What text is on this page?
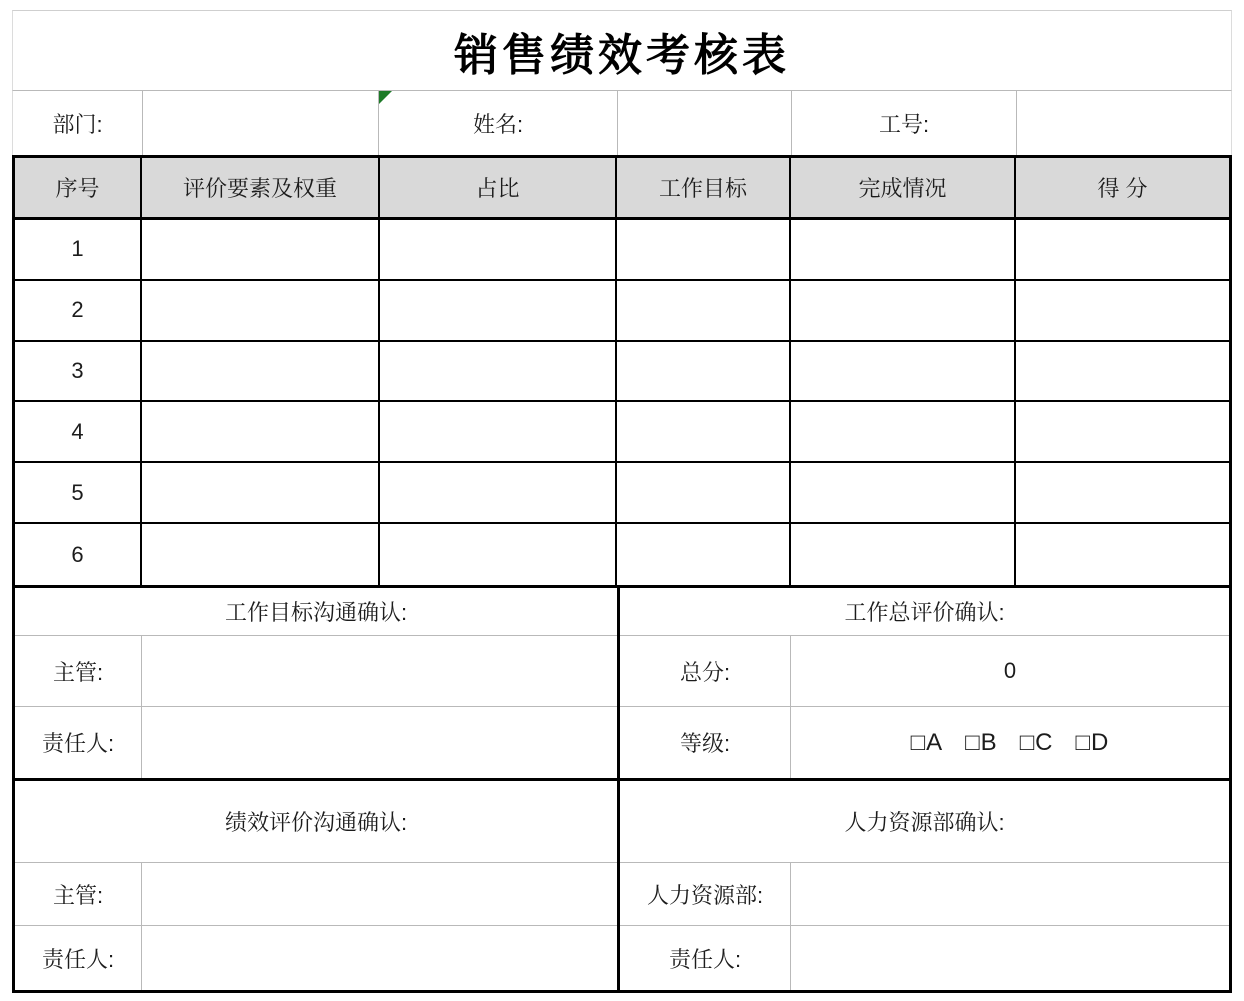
销售绩效考核表
部门:	姓名:	工号:
序号	评价要素及权重	占比	工作目标	完成情况	得 分
1
2
3
4
5
6
工作目标沟通确认:
主管:
责任人:
工作总评价确认:
总分:	0
等级:	□A □B □C □D
绩效评价沟通确认:
主管:
责任人:
人力资源部确认:
人力资源部:
责任人:
